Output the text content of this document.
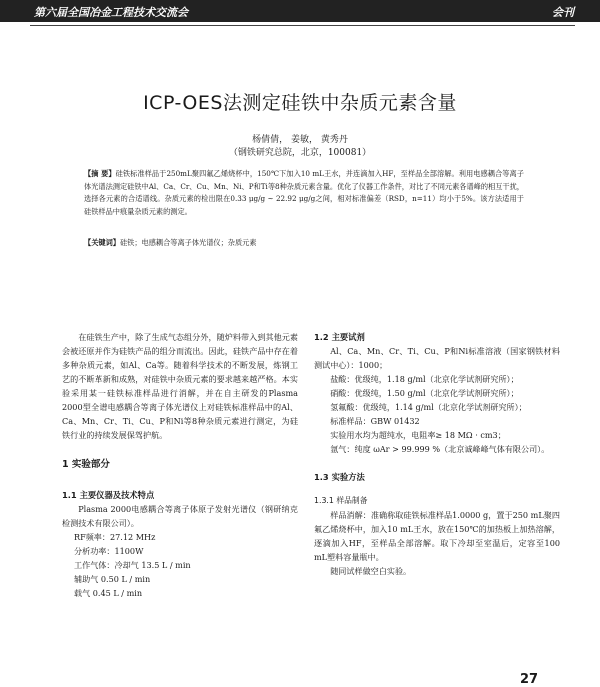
第六届全国冶金工程技术交流会	会刊
ICP-OES法测定硅铁中杂质元素含量
杨倩倩， 姜敏， 黄秀丹
（钢铁研究总院，北京，100081）
【摘 要】硅铁标准样品于250mL聚四氟乙烯烧杯中，150℃下加入10 mL王水，并连滴加入HF，至样品全部溶解。利用电感耦合等离子体光谱法测定硅铁中Al、Ca、Cr、Cu、Mn、Ni、P和Ti等8种杂质元素含量。优化了仪器工作条件，对比了不同元素各谱峰的相互干扰，选择各元素的合适谱线。杂质元素的检出限在0.33 μg/g ~ 22.92 μg/g之间，相对标准偏差（RSD，n=11）均小于5%。该方法适用于硅铁样品中痕量杂质元素的测定。
【关键词】硅铁；电感耦合等离子体光谱仪；杂质元素

在硅铁生产中，除了生成气态组分外，随炉料带入到其他元素会被还原并作为硅铁产品的组分而流出。因此，硅铁产品中存在着多种杂质元素，如Al、Ca等。随着科学技术的不断发展，炼钢工艺的不断革新和成熟，对硅铁中杂质元素的要求越来越严格。本实验采用某一硅铁标准样品进行消解，并在自主研发的Plasma 2000型全谱电感耦合等离子体光谱仪上对硅铁标准样品中的Al、Ca、Mn、Cr、Ti、Cu、P和Ni等8种杂质元素进行测定，为硅铁行业的持续发展保驾护航。

1 实验部分

1.1 主要仪器及技术特点

Plasma 2000电感耦合等离子体原子发射光谱仪（钢研纳克检测技术有限公司）。

RF频率：27.12 MHz

分析功率：1100W

工作气体：冷却气 13.5 L / min

辅助气 0.50 L / min

载气 0.45 L / min

1.2 主要试剂

Al、Ca、Mn、Cr、Ti、Cu、P和Ni标准溶液（国家钢铁材料测试中心）：1000；

盐酸：优级纯，1.18 g/ml（北京化学试剂研究所）；

硝酸：优级纯，1.50 g/ml（北京化学试剂研究所）；

氢氟酸：优级纯，1.14 g/ml（北京化学试剂研究所）；

标准样品：GBW 01432

实验用水均为超纯水，电阻率≥ 18 MΩ · cm3；

氩气：纯度 ωAr > 99.999 %（北京诚峰峰气体有限公司）。

1.3 实验方法

1.3.1 样品制备

样品消解：准确称取硅铁标准样品1.0000 g，置于250 mL聚四氟乙烯烧杯中，加入10 mL王水，放在150℃的加热板上加热溶解，逐滴加入HF，至样品全部溶解。取下冷却至室温后，定容至100 mL塑料容量瓶中。

随同试样做空白实验。

27
